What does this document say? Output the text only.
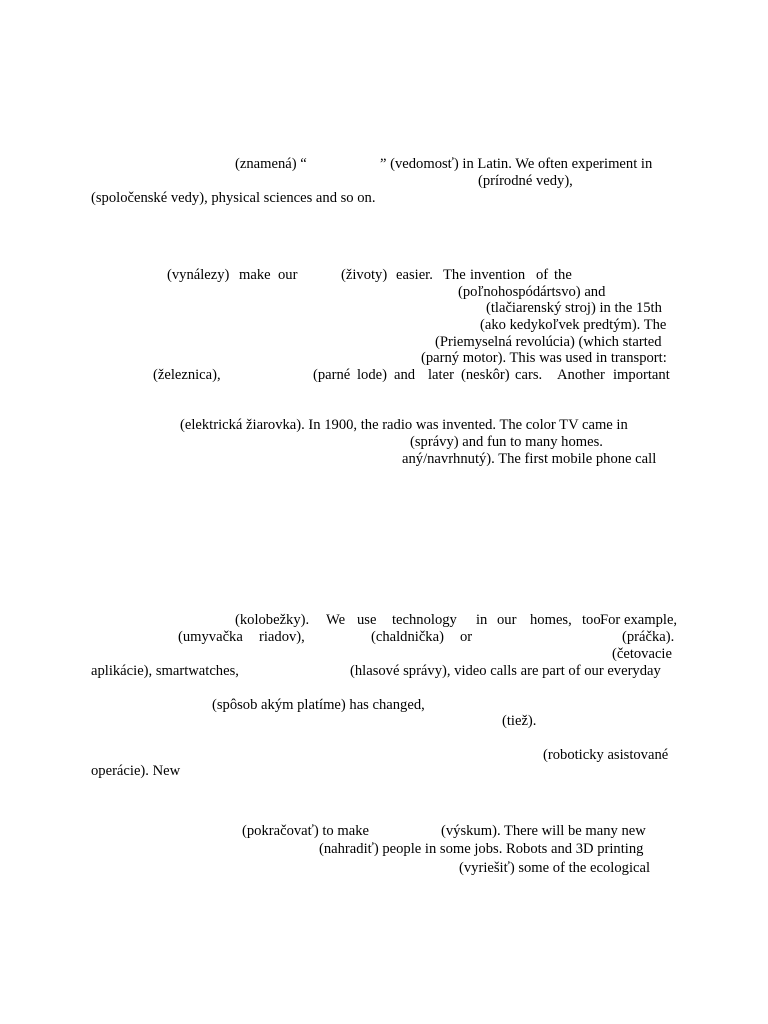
(znamená) “	” (vedomosť) in Latin. We often experiment in
(prírodné vedy),
(spoločenské vedy), physical sciences and so on.
(vynálezy) make our	(životy) easier. The invention of the
(poľnohospódártsvo) and
(tlačiarenský stroj) in the 15th
(ako kedykoľvek predtým). The
(Priemyselná revolúcia) (which started
(parný motor). This was used in transport:
(železnica),	(parné lode) and later (neskôr) cars. Another important
(elektrická žiarovka). In 1900, the radio was invented. The color TV came in
(správy) and fun to many homes.
aný/navrhnutý). The first mobile phone call
(kolobežky). We use technology in our homes, too.
For
(umyvačka riadov),	(chaldnička) or	(práčka).
(četovacie
aplikácie), smartwatches,	(hlasové správy), video calls are part of our everyday
(spôsob akým platíme) has changed,
(tiež).
(roboticky asistované
operácie). New
(pokračovať) to make	(výskum). There will be many new
(nahradiť) people in some jobs. Robots and 3D printing
(vyriešiť) some of the ecological
example,
